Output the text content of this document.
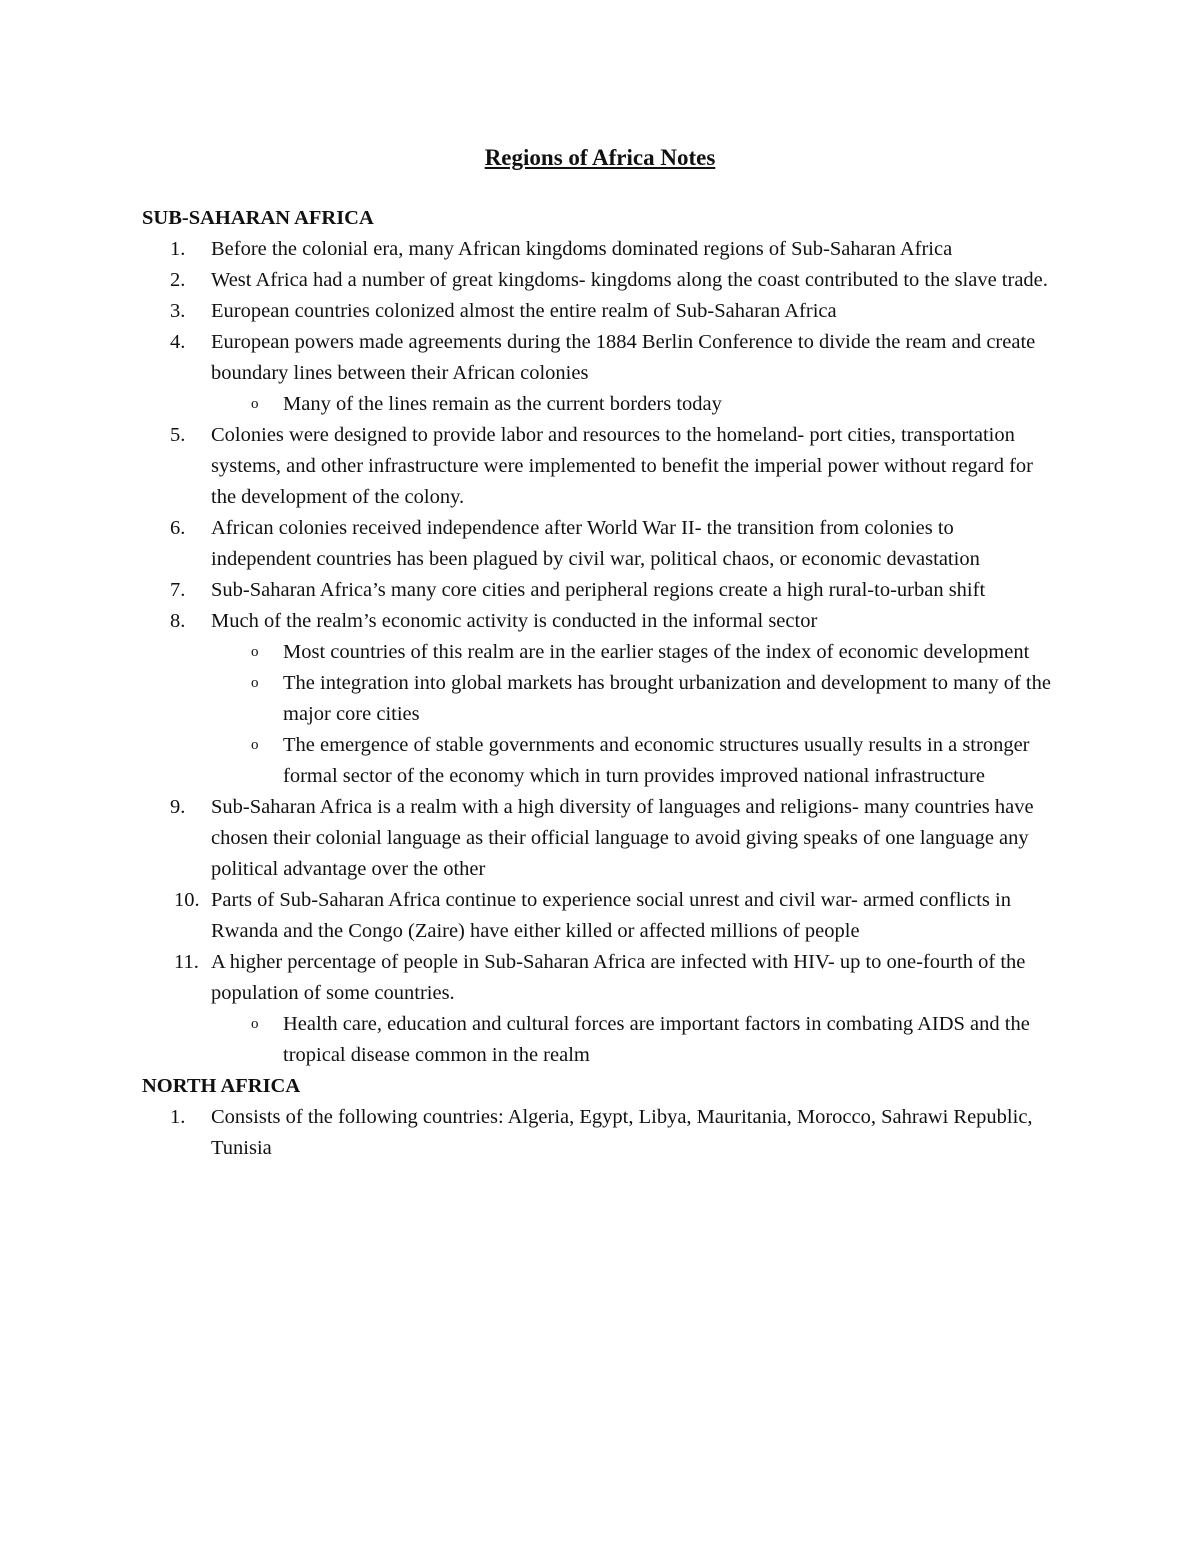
Regions of Africa Notes
SUB-SAHARAN AFRICA
1. Before the colonial era, many African kingdoms dominated regions of Sub-Saharan Africa
2. West Africa had a number of great kingdoms- kingdoms along the coast contributed to the slave trade.
3. European countries colonized almost the entire realm of Sub-Saharan Africa
4. European powers made agreements during the 1884 Berlin Conference to divide the ream and create boundary lines between their African colonies
o Many of the lines remain as the current borders today
5. Colonies were designed to provide labor and resources to the homeland- port cities, transportation systems, and other infrastructure were implemented to benefit the imperial power without regard for the development of the colony.
6. African colonies received independence after World War II- the transition from colonies to independent countries has been plagued by civil war, political chaos, or economic devastation
7. Sub-Saharan Africa’s many core cities and peripheral regions create a high rural-to-urban shift
8. Much of the realm’s economic activity is conducted in the informal sector
o Most countries of this realm are in the earlier stages of the index of economic development
o The integration into global markets has brought urbanization and development to many of the major core cities
o The emergence of stable governments and economic structures usually results in a stronger formal sector of the economy which in turn provides improved national infrastructure
9. Sub-Saharan Africa is a realm with a high diversity of languages and religions- many countries have chosen their colonial language as their official language to avoid giving speaks of one language any political advantage over the other
10. Parts of Sub-Saharan Africa continue to experience social unrest and civil war- armed conflicts in Rwanda and the Congo (Zaire) have either killed or affected millions of people
11. A higher percentage of people in Sub-Saharan Africa are infected with HIV- up to one-fourth of the population of some countries.
o Health care, education and cultural forces are important factors in combating AIDS and the tropical disease common in the realm
NORTH AFRICA
1. Consists of the following countries: Algeria, Egypt, Libya, Mauritania, Morocco, Sahrawi Republic, Tunisia
